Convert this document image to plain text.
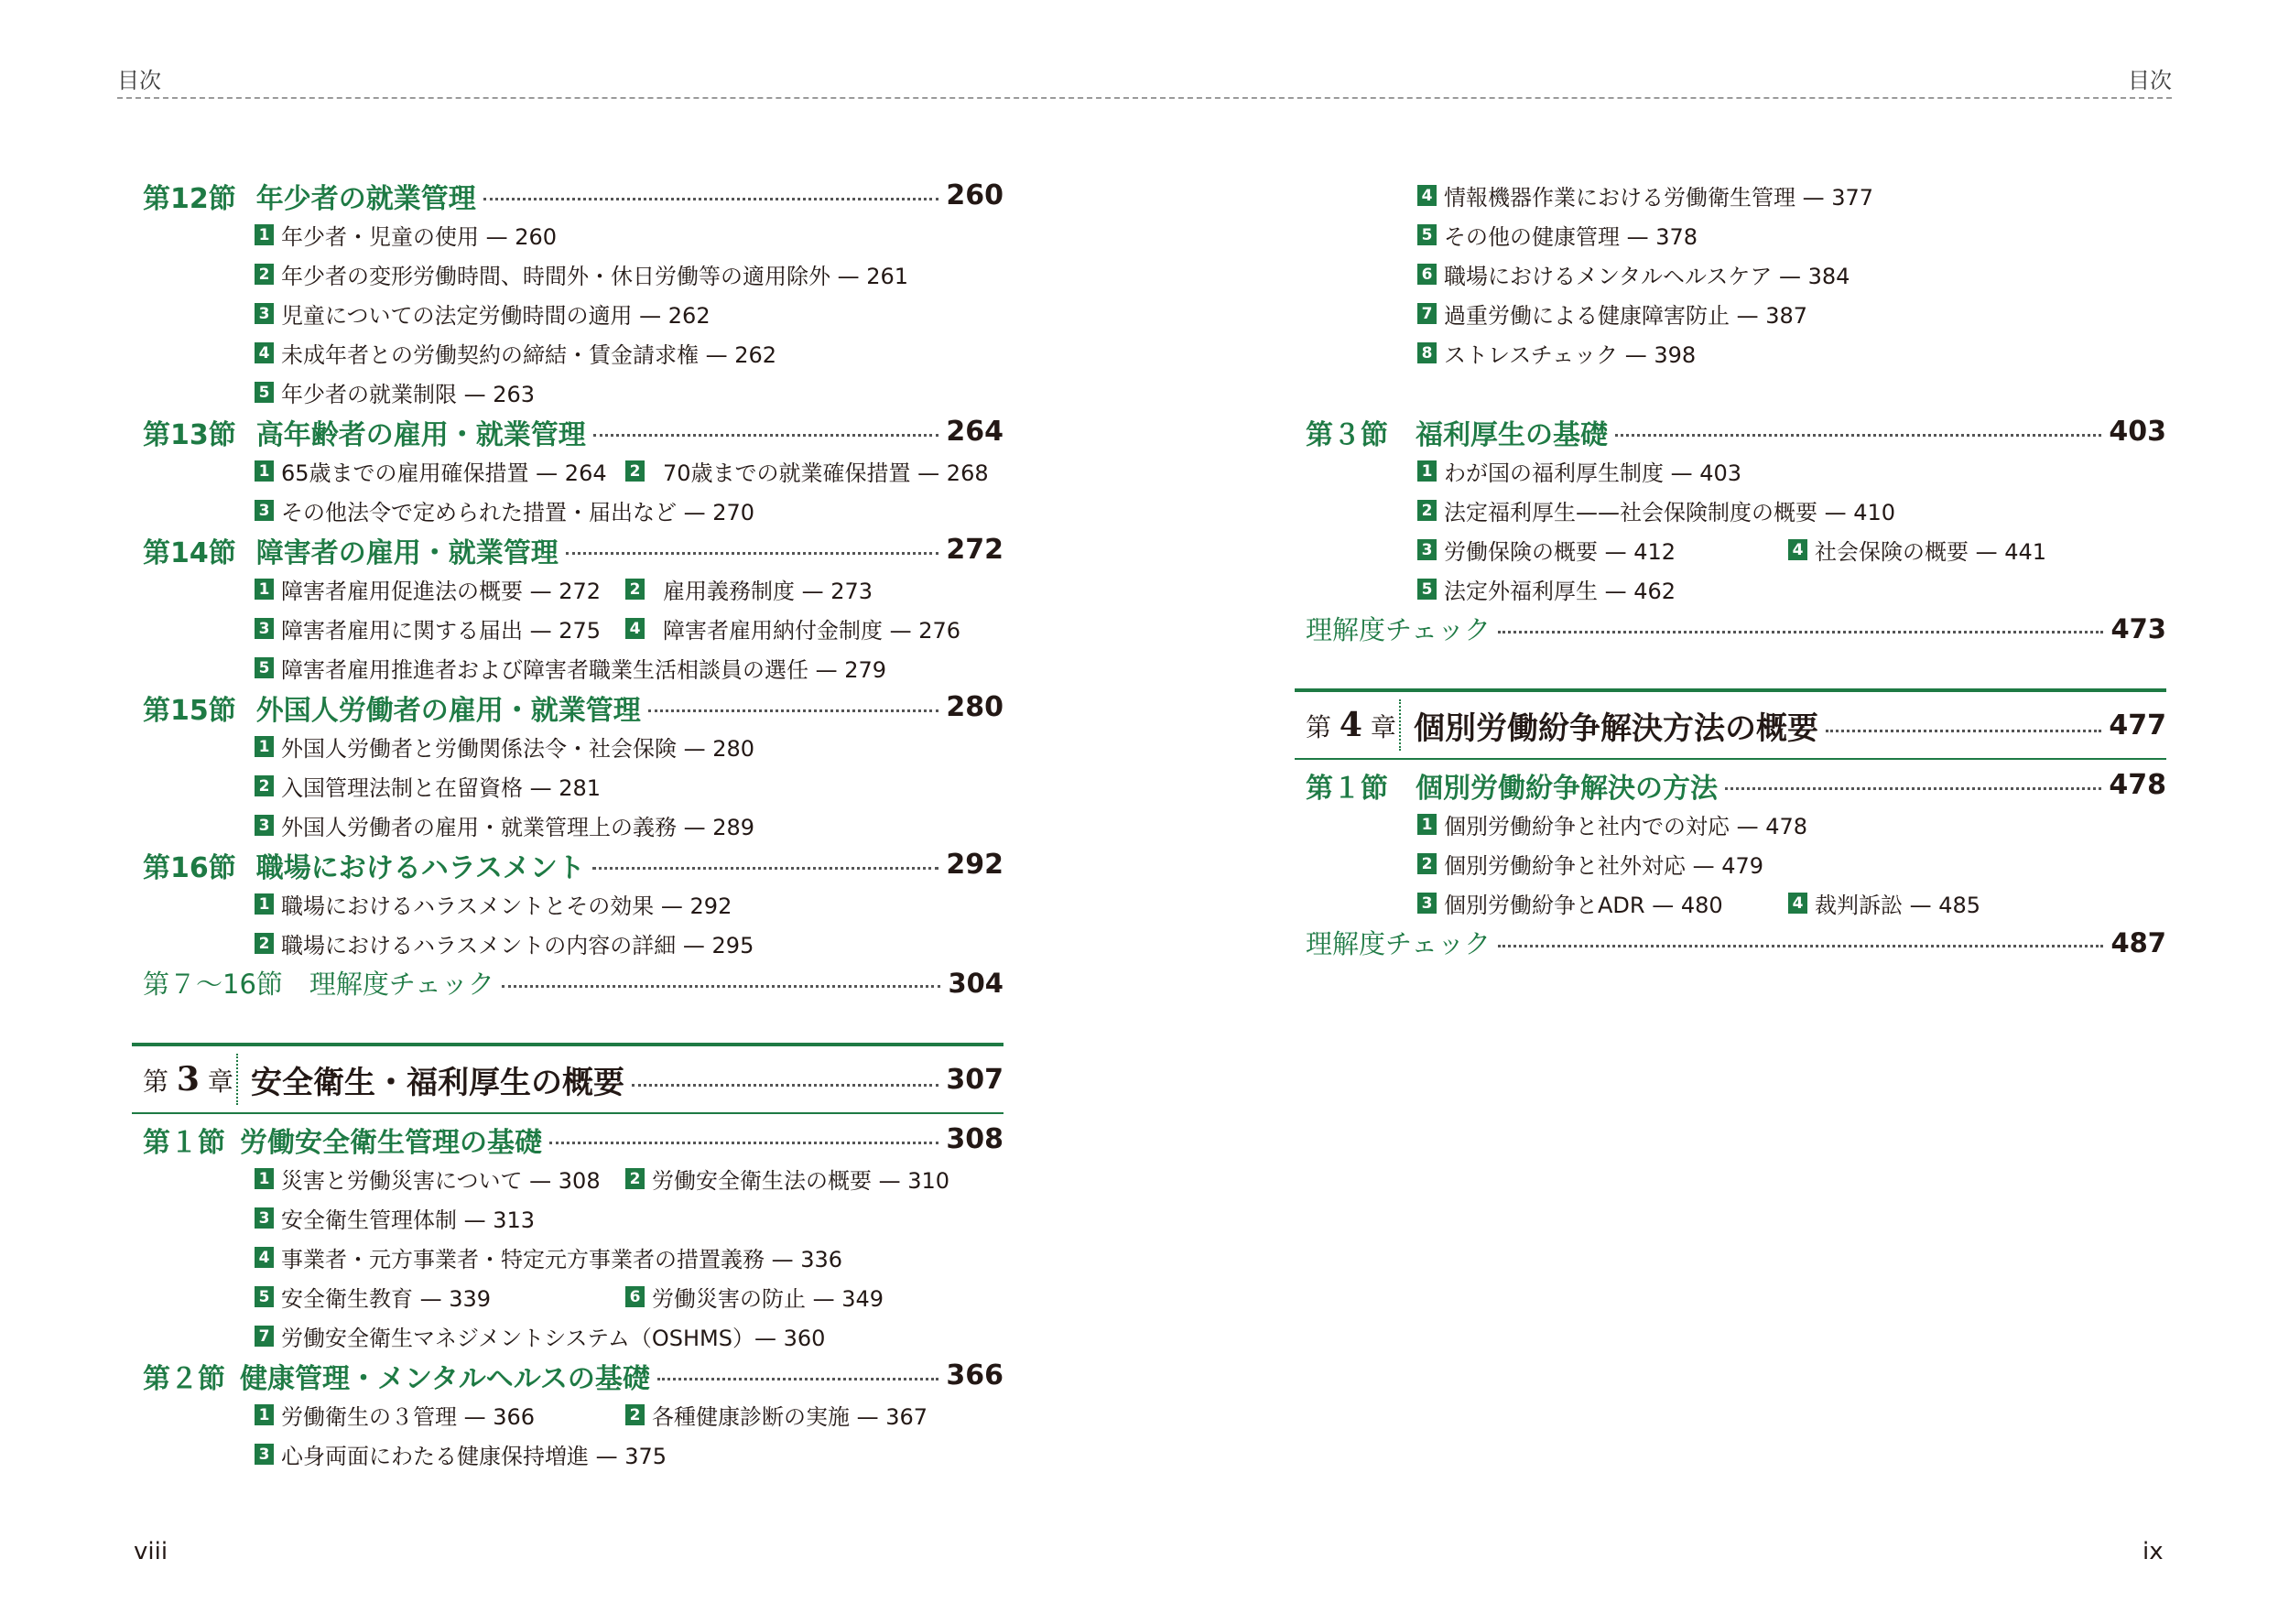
目次	目次
第12節 年少者の就業管理	260
1 年少者・児童の使用 — 260
2 年少者の変形労働時間、時間外・休日労働等の適用除外 — 261
3 児童についての法定労働時間の適用 — 262
4 未成年者との労働契約の締結・賃金請求権 — 262
5 年少者の就業制限 — 263
第13節 高年齢者の雇用・就業管理	264
1 65歳までの雇用確保措置 — 264 2 70歳までの就業確保措置 — 268
3 その他法令で定められた措置・届出など — 270
第14節 障害者の雇用・就業管理	272
1 障害者雇用促進法の概要 — 272 2 雇用義務制度 — 273
3 障害者雇用に関する届出 — 275 4 障害者雇用納付金制度 — 276
5 障害者雇用推進者および障害者職業生活相談員の選任 — 279
第15節 外国人労働者の雇用・就業管理	280
1 外国人労働者と労働関係法令・社会保険 — 280
2 入国管理法制と在留資格 — 281
3 外国人労働者の雇用・就業管理上の義務 — 289
第16節 職場におけるハラスメント	292
1 職場におけるハラスメントとその効果 — 292
2 職場におけるハラスメントの内容の詳細 — 295
第７〜16節　理解度チェック	304
第 3 章 安全衛生・福利厚生の概要	307
第１節 労働安全衛生管理の基礎	308
1 災害と労働災害について — 308 2 労働安全衛生法の概要 — 310
3 安全衛生管理体制 — 313
4 事業者・元方事業者・特定元方事業者の措置義務 — 336
5 安全衛生教育 — 339	6 労働災害の防止 — 349
7 労働安全衛生マネジメントシステム（OSHMS）— 360
第２節 健康管理・メンタルヘルスの基礎	366
1 労働衛生の３管理 — 366	2 各種健康診断の実施 — 367
3 心身両面にわたる健康保持増進 — 375
4 情報機器作業における労働衛生管理 — 377
5 その他の健康管理 — 378
6 職場におけるメンタルヘルスケア — 384
7 過重労働による健康障害防止 — 387
8 ストレスチェック — 398
第３節 福利厚生の基礎	403
1 わが国の福利厚生制度 — 403
2 法定福利厚生——社会保険制度の概要 — 410
3 労働保険の概要 — 412	4 社会保険の概要 — 441
5 法定外福利厚生 — 462
理解度チェック	473
第 4 章 個別労働紛争解決方法の概要	477
第１節 個別労働紛争解決の方法	478
1 個別労働紛争と社内での対応 — 478
2 個別労働紛争と社外対応 — 479
3 個別労働紛争とADR — 480	4 裁判訴訟 — 485
理解度チェック	487
viii	ix
